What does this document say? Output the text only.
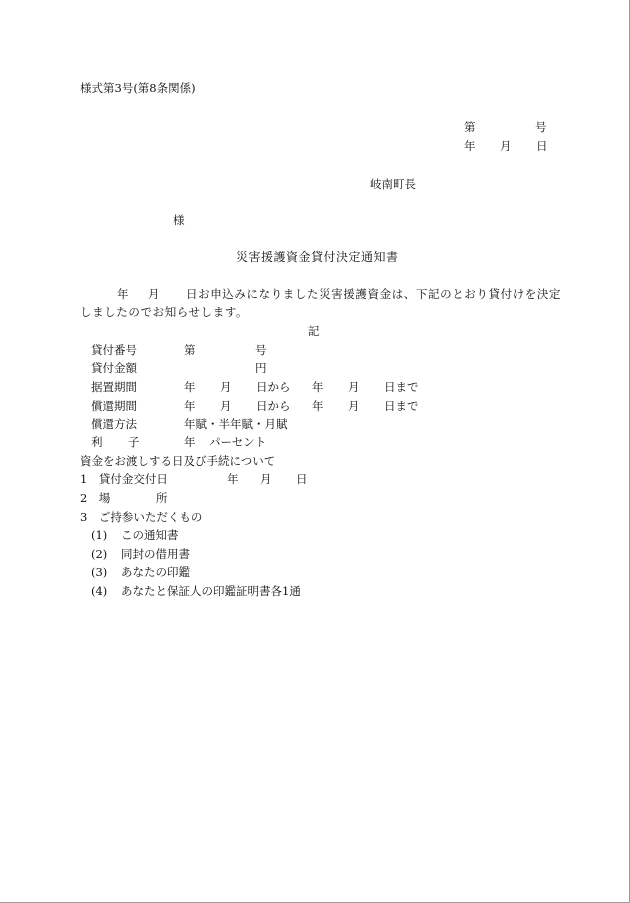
様式第3号(第8条関係)
第	号
年 月 日
岐南町長
様
災害援護資金貸付決定通知書
年 月 日お申込みになりました災害援護資金は、下記のとおり貸付けを決定
しましたのでお知らせします。
記
貸付番号	第	号
貸付金額	円
据置期間	年 月 日から 年 月 日まで
償還期間	年 月 日から 年 月 日まで
償還方法	年賦・半年賦・月賦
利 子	年 パーセント
資金をお渡しする日及び手続について
1　貸付金交付日	年 月 日
2　場	所
3　ご持参いただくもの
(1) この通知書
(2) 同封の借用書
(3) あなたの印鑑
(4) あなたと保証人の印鑑証明書各1通
